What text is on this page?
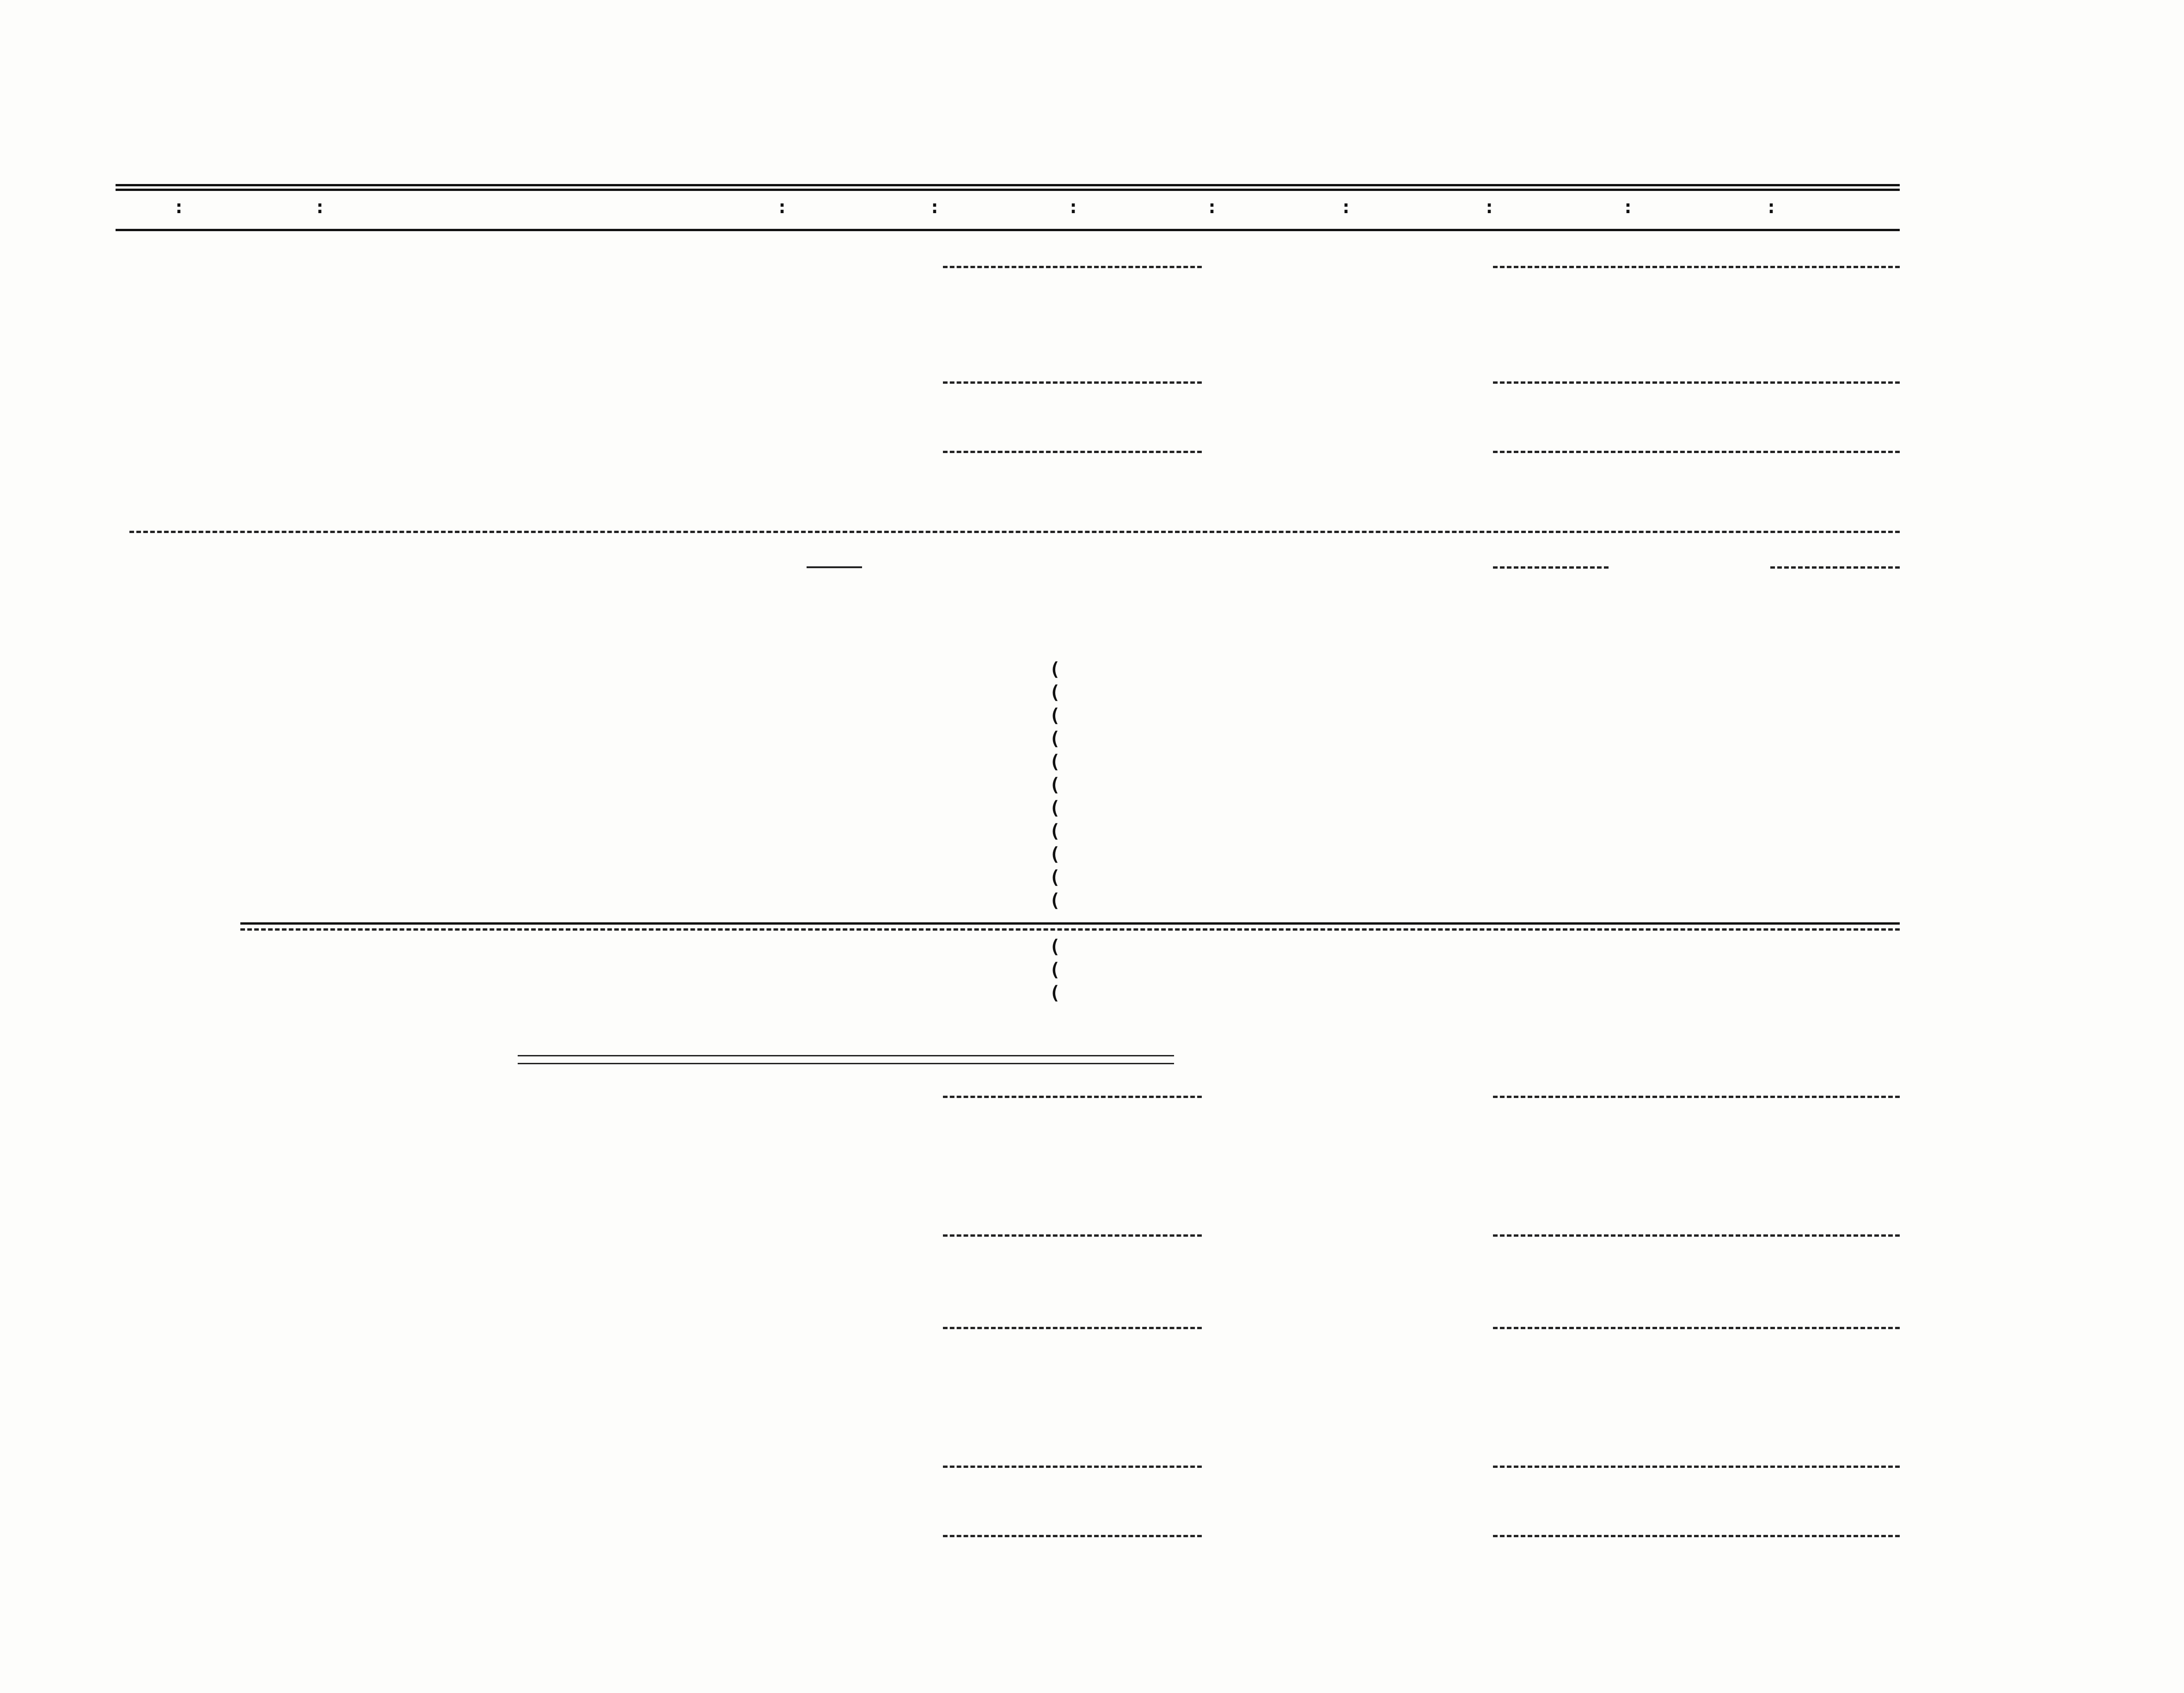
:	:	:	:	:	:	:	:	:	:
(
(
(
(
(
(
(
(
(
(
(
(
(
(
